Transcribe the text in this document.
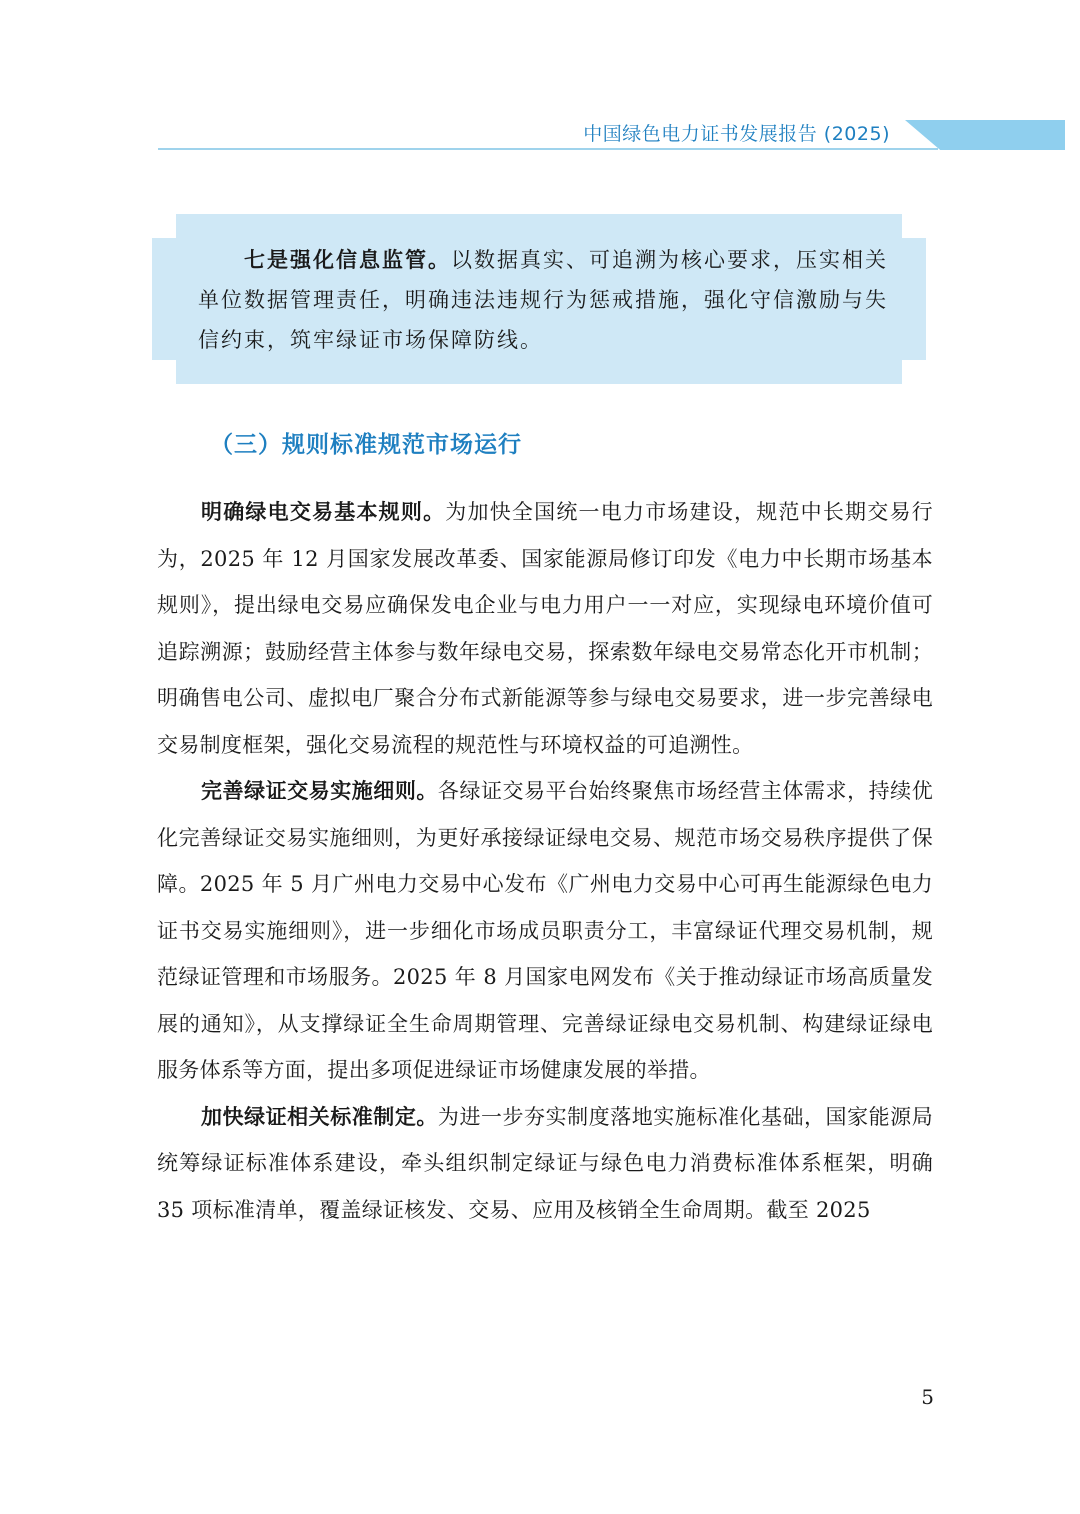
中国绿色电力证书发展报告 (2025)

七是强化信息监管。以数据真实、可追溯为核心要求，压实相关单位数据管理责任，明确违法违规行为惩戒措施，强化守信激励与失信约束，筑牢绿证市场保障防线。

（三）规则标准规范市场运行

明确绿电交易基本规则。为加快全国统一电力市场建设，规范中长期交易行为，2025 年 12 月国家发展改革委、国家能源局修订印发《电力中长期市场基本规则》，提出绿电交易应确保发电企业与电力用户一一对应，实现绿电环境价值可追踪溯源；鼓励经营主体参与数年绿电交易，探索数年绿电交易常态化开市机制；明确售电公司、虚拟电厂聚合分布式新能源等参与绿电交易要求，进一步完善绿电交易制度框架，强化交易流程的规范性与环境权益的可追溯性。

完善绿证交易实施细则。各绿证交易平台始终聚焦市场经营主体需求，持续优化完善绿证交易实施细则，为更好承接绿证绿电交易、规范市场交易秩序提供了保障。2025 年 5 月广州电力交易中心发布《广州电力交易中心可再生能源绿色电力证书交易实施细则》，进一步细化市场成员职责分工，丰富绿证代理交易机制，规范绿证管理和市场服务。2025 年 8 月国家电网发布《关于推动绿证市场高质量发展的通知》，从支撑绿证全生命周期管理、完善绿证绿电交易机制、构建绿证绿电服务体系等方面，提出多项促进绿证市场健康发展的举措。

加快绿证相关标准制定。为进一步夯实制度落地实施标准化基础，国家能源局统筹绿证标准体系建设，牵头组织制定绿证与绿色电力消费标准体系框架，明确 35 项标准清单，覆盖绿证核发、交易、应用及核销全生命周期。截至 2025

5
